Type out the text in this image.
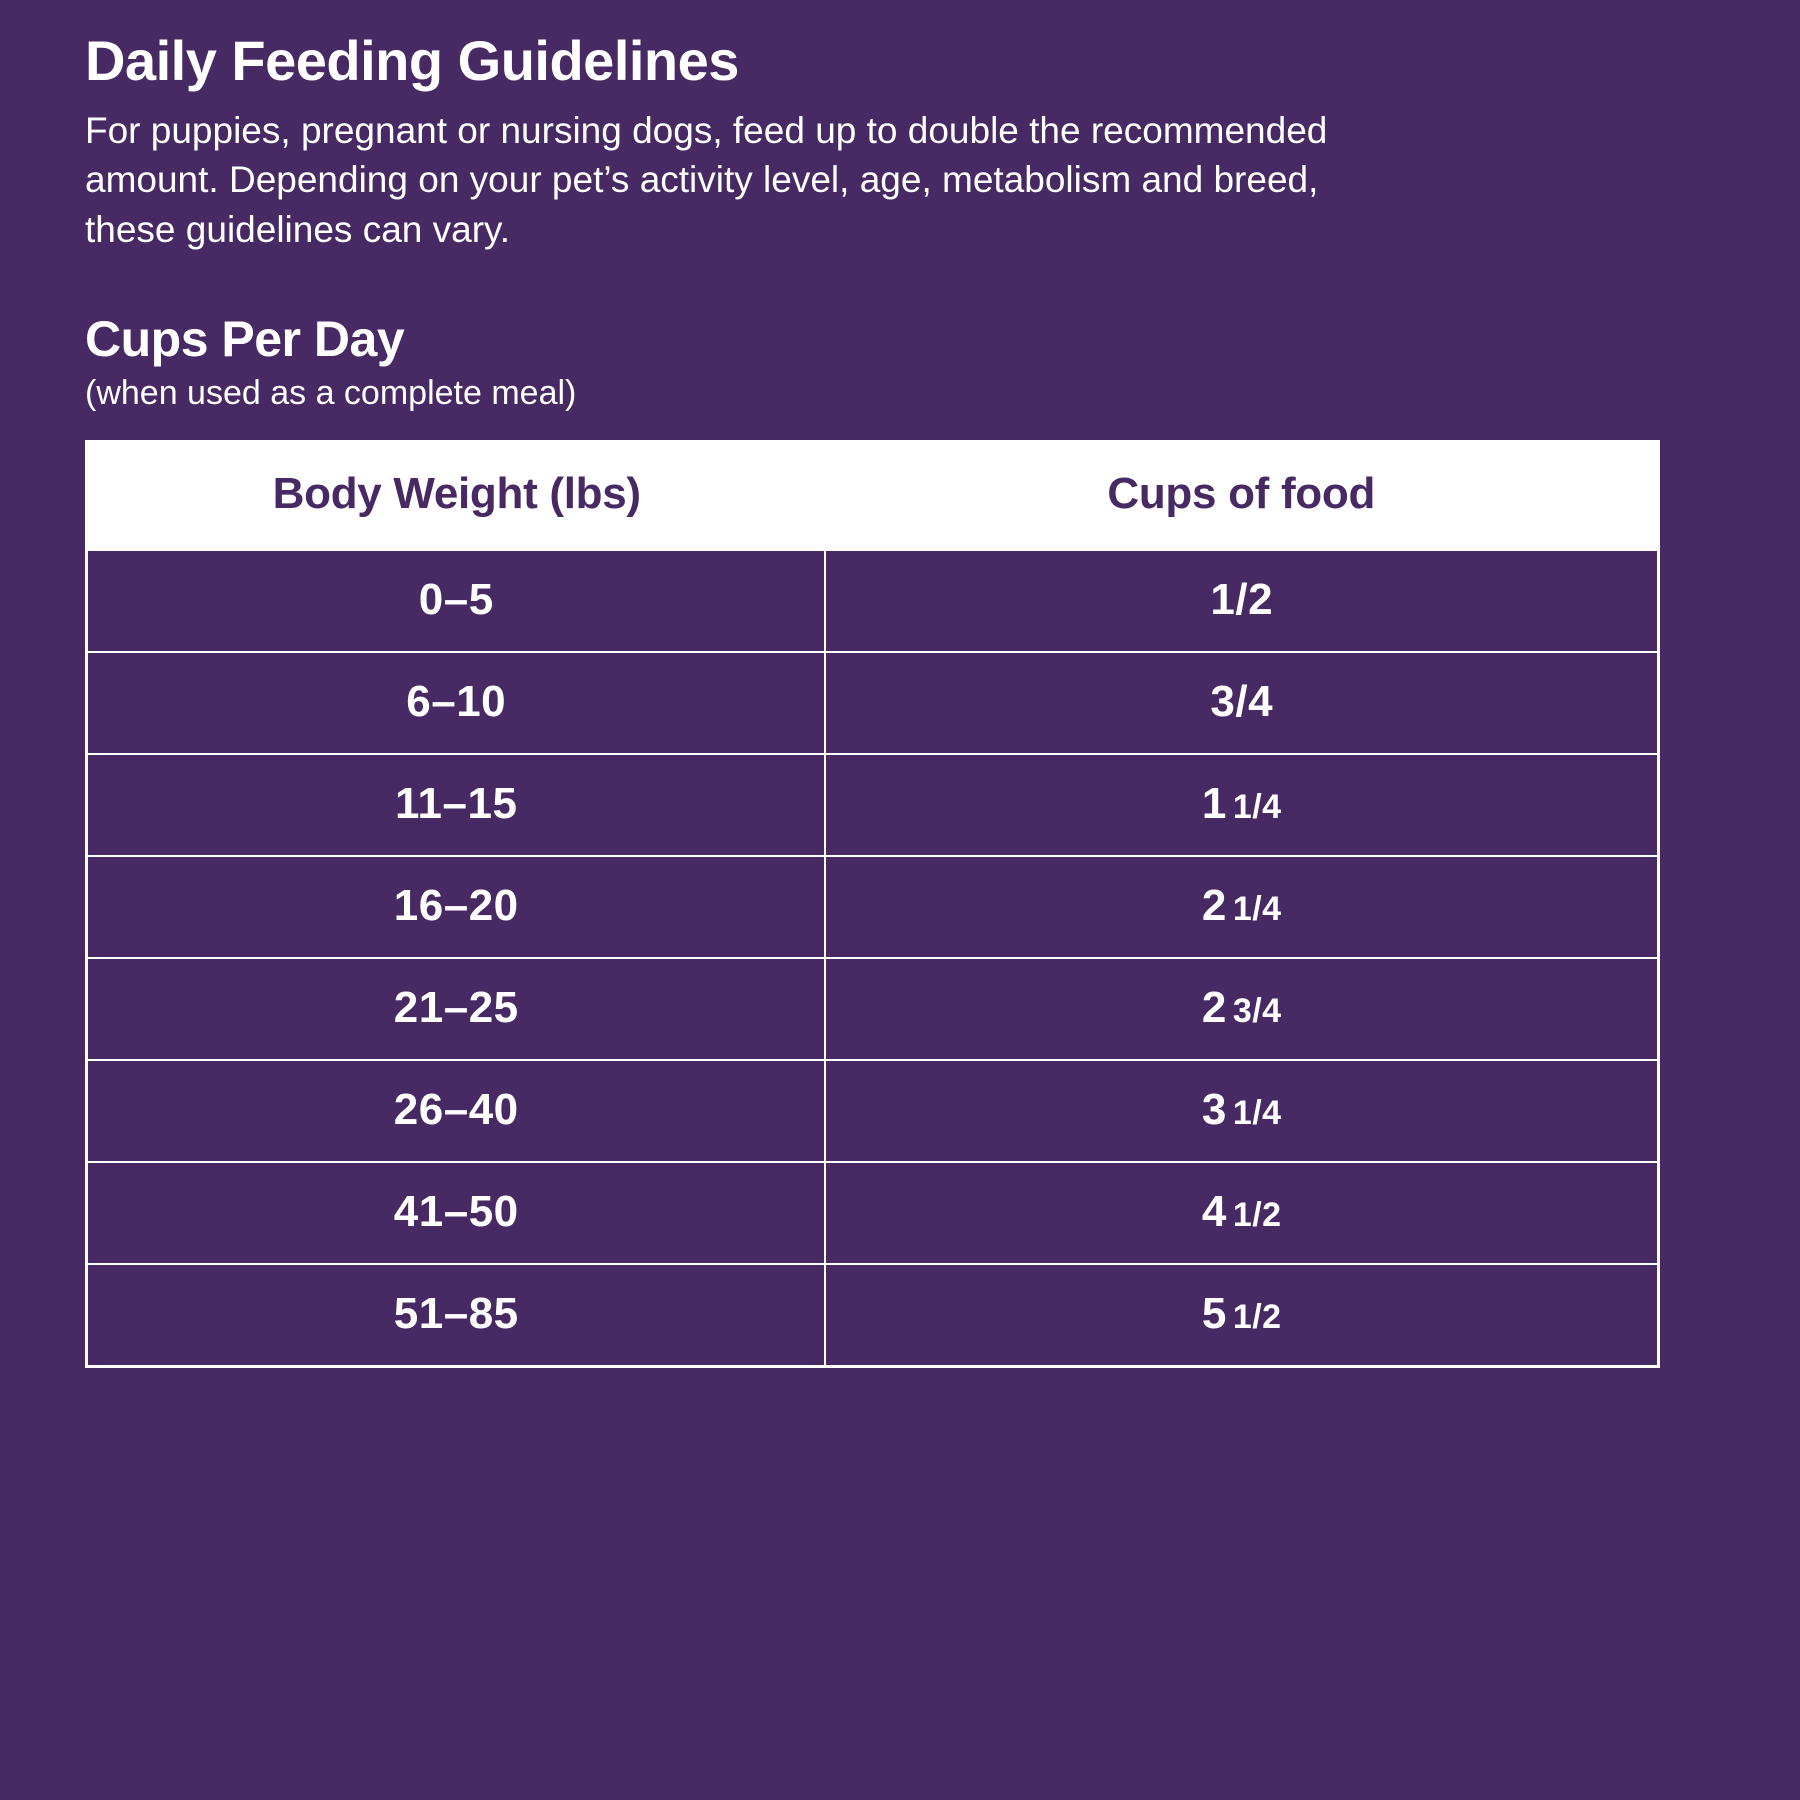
Daily Feeding Guidelines

For puppies, pregnant or nursing dogs, feed up to double the recommended amount. Depending on your pet’s activity level, age, metabolism and breed, these guidelines can vary.

Cups Per Day

(when used as a complete meal)

Body Weight (lbs)	Cups of food
0–5	1/2
6–10	3/4
11–15	1 1/4
16–20	2 1/4
21–25	2 3/4
26–40	3 1/4
41–50	4 1/2
51–85	5 1/2
